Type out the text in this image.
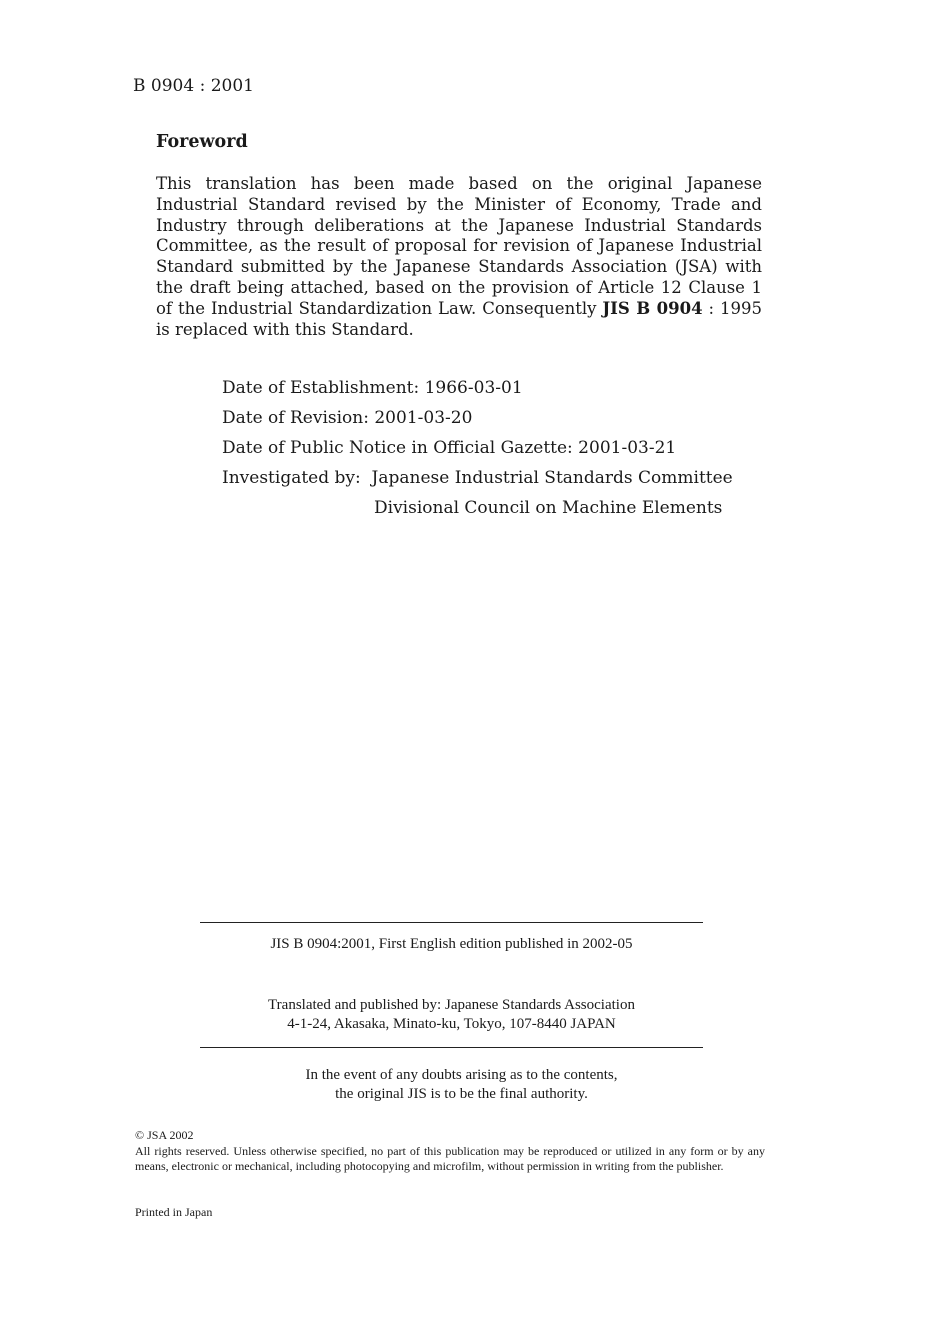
B 0904 : 2001
Foreword
This translation has been made based on the original Japanese Industrial Standard revised by the Minister of Economy, Trade and Industry through deliberations at the Japanese Industrial Standards Committee, as the result of proposal for revision of Japanese Industrial Standard submitted by the Japanese Standards Association (JSA) with the draft being attached, based on the provision of Article 12 Clause 1 of the Industrial Standardization Law. Consequently JIS B 0904 : 1995 is replaced with this Standard.
Date of Establishment: 1966-03-01
Date of Revision: 2001-03-20
Date of Public Notice in Official Gazette: 2001-03-21
Investigated by: Japanese Industrial Standards Committee
Divisional Council on Machine Elements
JIS B 0904:2001, First English edition published in 2002-05
Translated and published by: Japanese Standards Association
4-1-24, Akasaka, Minato-ku, Tokyo, 107-8440 JAPAN
In the event of any doubts arising as to the contents,
the original JIS is to be the final authority.
© JSA 2002
All rights reserved. Unless otherwise specified, no part of this publication may be reproduced or utilized in any form or by any means, electronic or mechanical, including photocopying and microfilm, without permission in writing from the publisher.
Printed in Japan
